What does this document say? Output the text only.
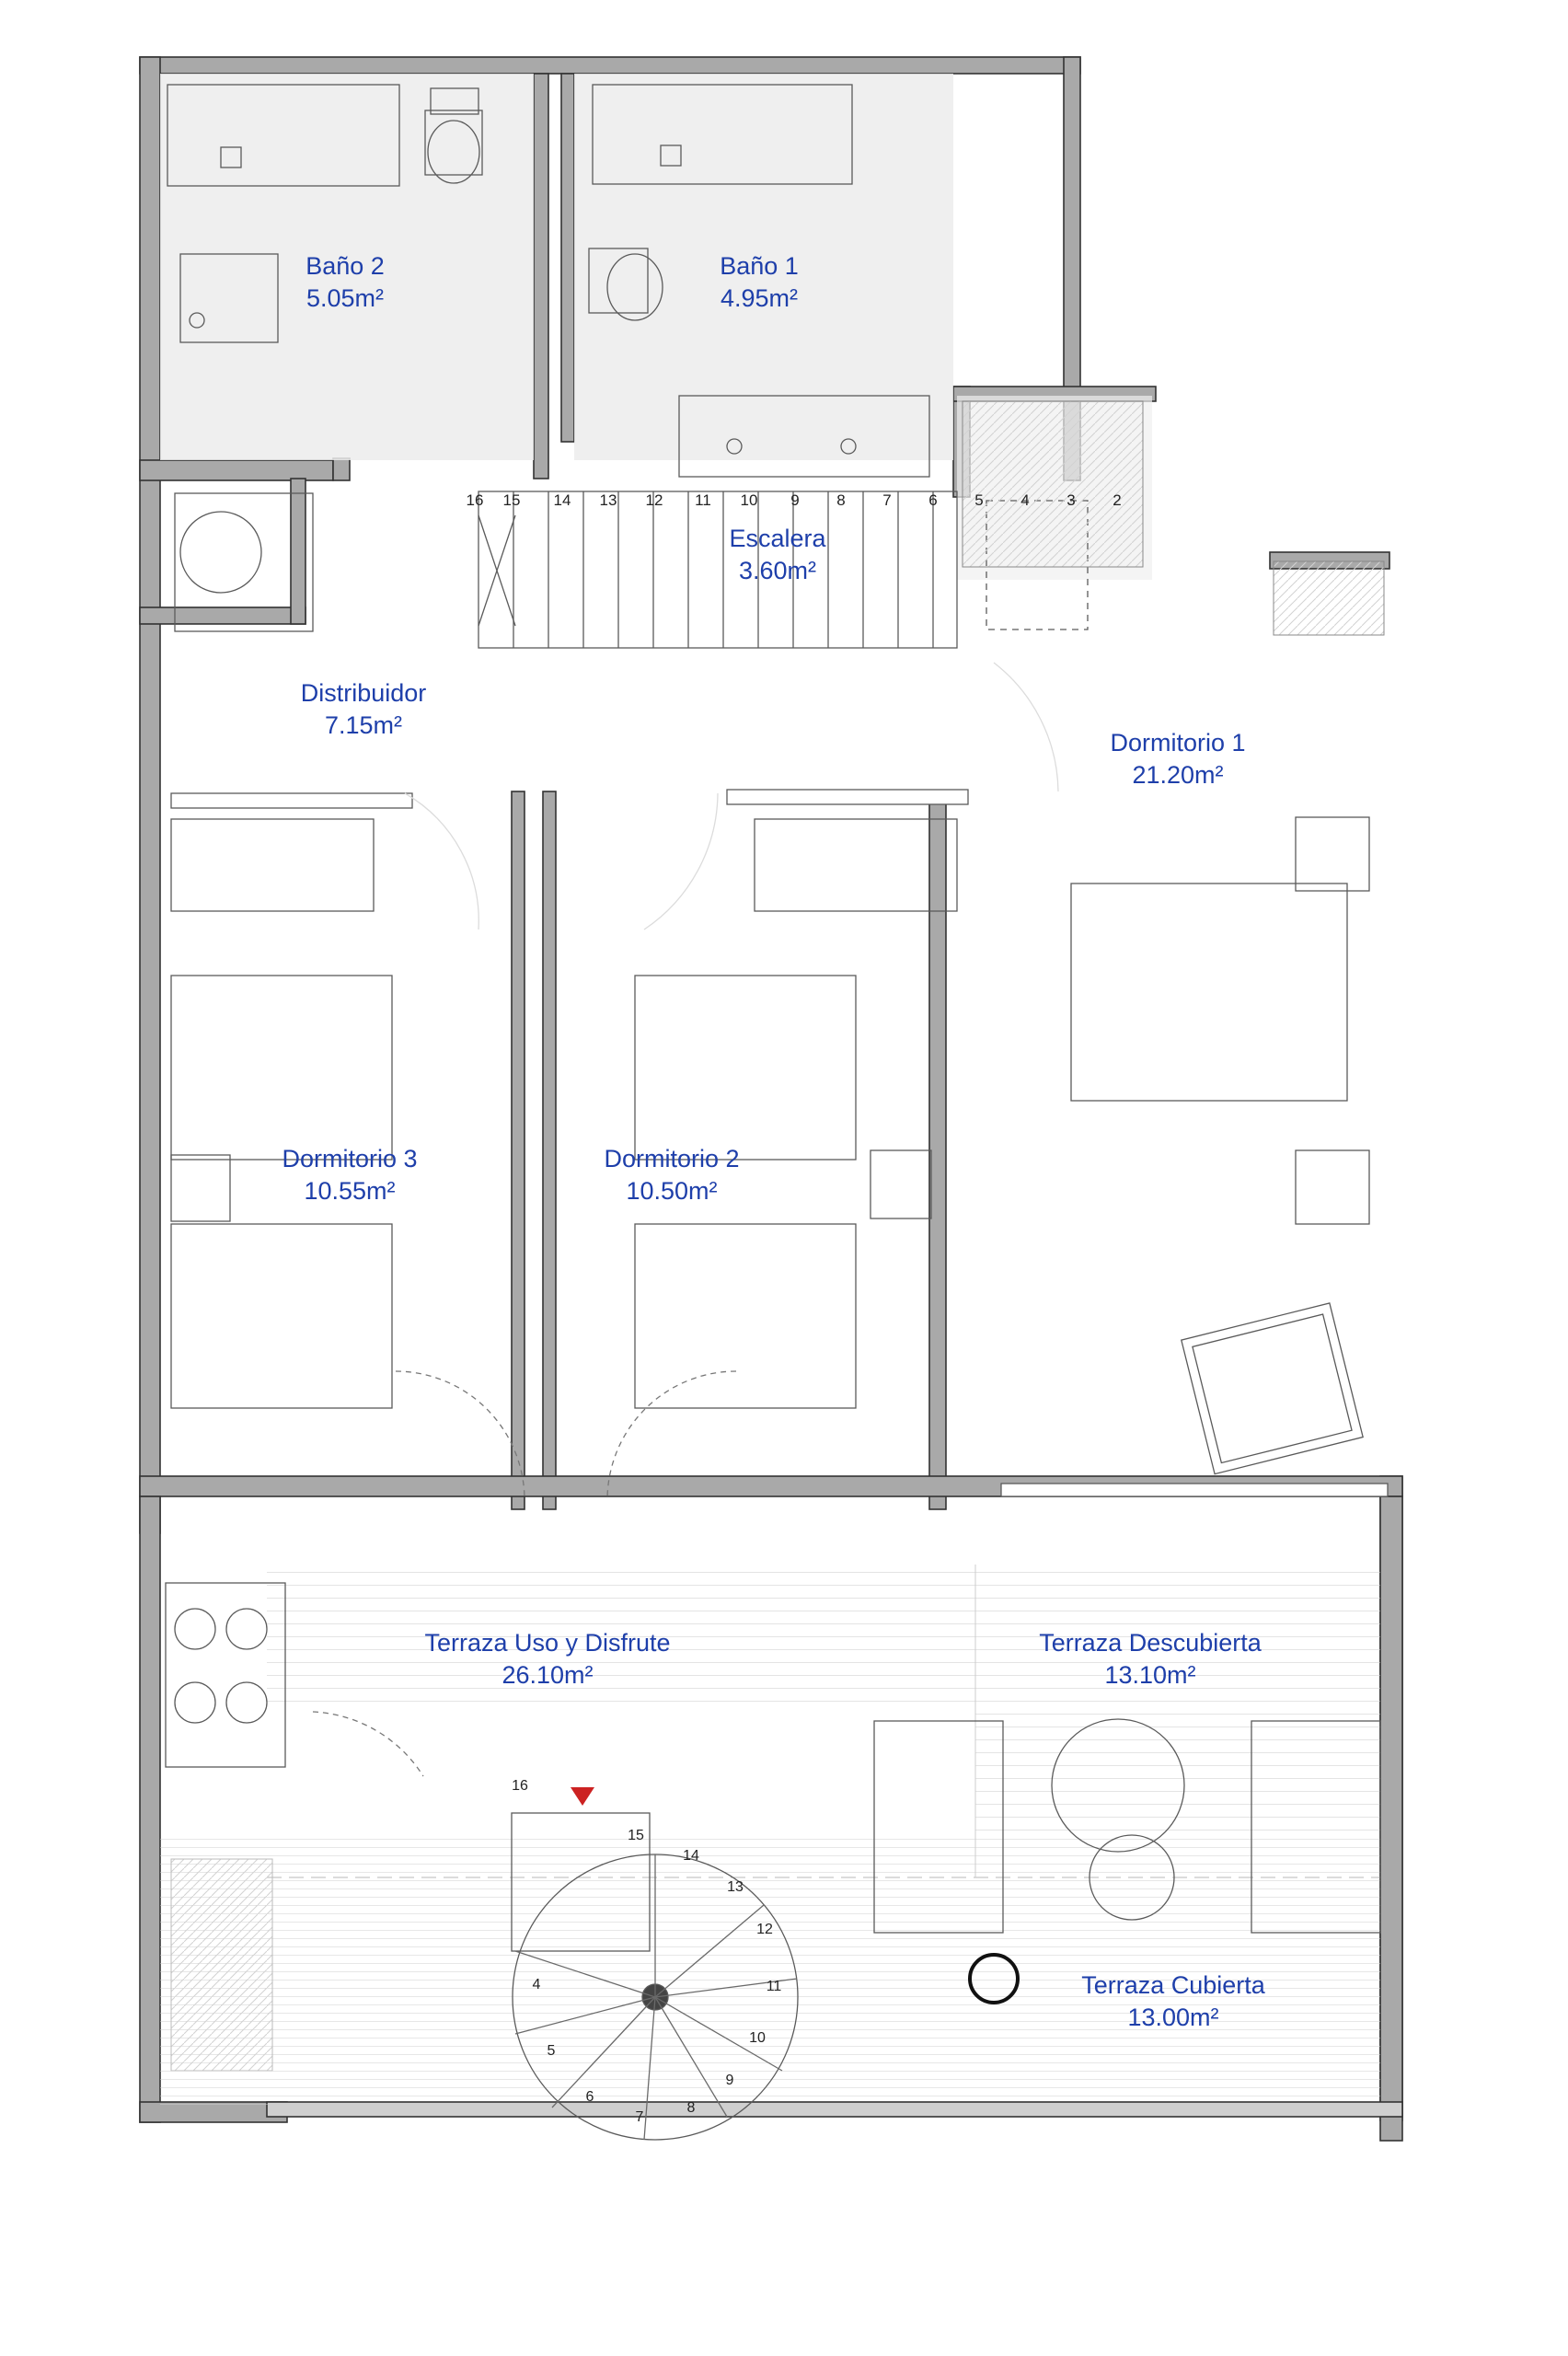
Baño 2
5.05m²
Baño 1
4.95m²
Escalera
3.60m²
Distribuidor
7.15m²
Dormitorio 1
21.20m²
Dormitorio 3
10.55m²
Dormitorio 2
10.50m²
Terraza Uso y Disfrute
26.10m²
Terraza Descubierta
13.10m²
Terraza Cubierta
13.00m²
16	15	14	13	12	11	10	9	8	7	6	5	4	3	2
16
15
14
13
12
11
10
9
8
7
6
5
4
